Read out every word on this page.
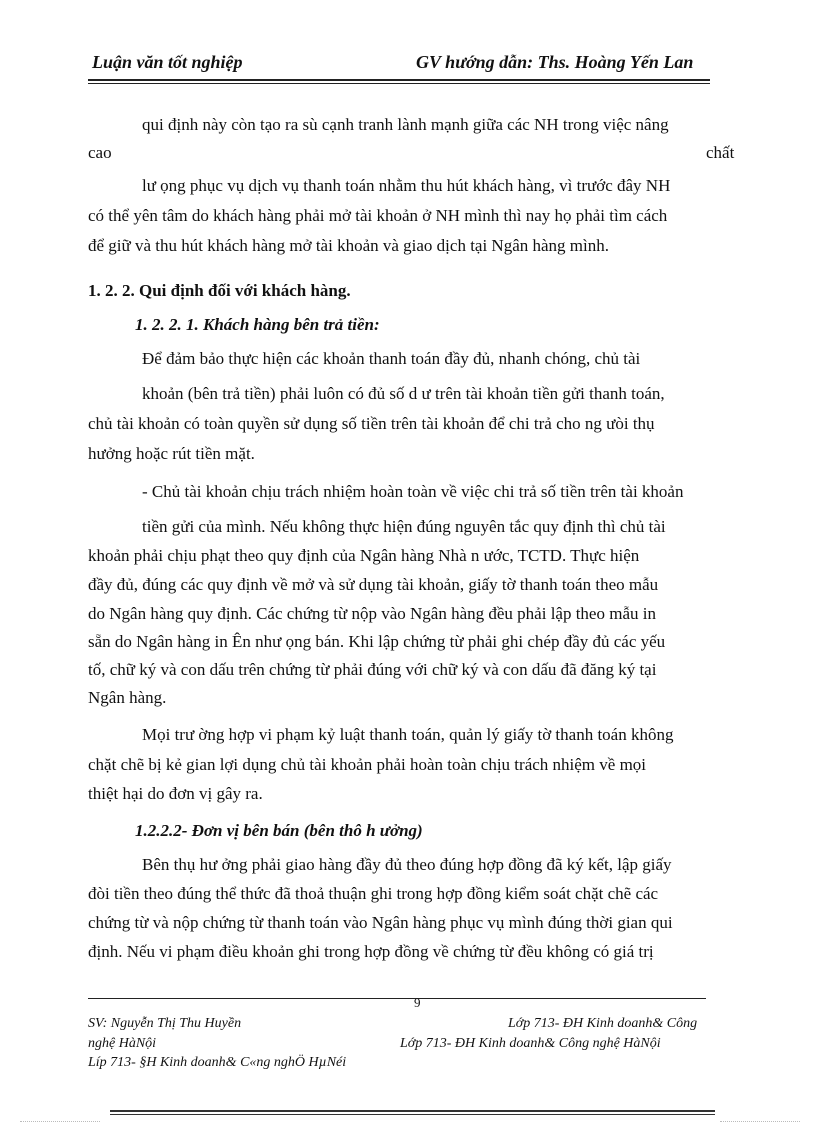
Luận văn tốt nghiệp	GV hướng dẫn: Ths. Hoàng Yến Lan
qui định này còn tạo ra sù cạnh tranh lành mạnh giữa các NH trong việc nâng
cao	chất
lư ọng phục vụ dịch vụ thanh toán nhằm thu hút khách hàng, vì trước đây NH
có thể yên tâm do khách hàng phải mở tài khoản ở NH mình thì nay họ phải tìm cách
để giữ và thu hút khách hàng mở tài khoản và giao dịch tại Ngân hàng mình.
1. 2. 2. Qui định đối với khách hàng.
1. 2. 2. 1. Khách hàng bên trả tiền:
Để đảm bảo thực hiện các khoản thanh toán đầy đủ, nhanh chóng, chủ tài
khoản (bên trả tiền) phải luôn có đủ số d ư trên tài khoản tiền gửi thanh toán,
chủ tài khoản có toàn quyền sử dụng số tiền trên tài khoản để chi trả cho ng ưòi thụ
hưởng hoặc rút tiền mặt.
- Chủ tài khoản chịu trách nhiệm hoàn toàn về việc chi trả số tiền trên tài khoản
tiền gửi của mình. Nếu không thực hiện đúng nguyên tắc quy định thì chủ tài
khoản phải chịu phạt theo quy định của Ngân hàng Nhà n ước, TCTD. Thực hiện
đầy đủ, đúng các quy định về mở và sử dụng tài khoản, giấy tờ thanh toán theo mẫu
do Ngân hàng quy định. Các chứng từ nộp vào Ngân hàng đều phải lập theo mẫu in
sẵn do Ngân hàng in Ên như ọng bán. Khi lập chứng từ phải ghi chép đầy đủ các yếu
tố, chữ ký và con dấu trên chứng từ phải đúng với chữ ký và con dấu đã đăng ký tại
Ngân hàng.
Mọi trư ờng hợp vi phạm kỷ luật thanh toán, quản lý giấy tờ thanh toán không
chặt chẽ bị kẻ gian lợi dụng chủ tài khoản phải hoàn toàn chịu trách nhiệm về mọi
thiệt hại do đơn vị gây ra.
1.2.2.2- Đơn vị bên bán (bên thô h ưởng)
Bên thụ hư ởng phải giao hàng đầy đủ theo đúng hợp đồng đã ký kết, lập giấy
đòi tiền theo đúng thể thức đã thoả thuận ghi trong hợp đồng kiểm soát chặt chẽ các
chứng từ và nộp chứng từ thanh toán vào Ngân hàng phục vụ mình đúng thời gian qui
định. Nếu vi phạm điều khoản ghi trong hợp đồng về chứng từ đều không có giá trị
9
SV: Nguyễn Thị Thu Huyền	Lớp 713- ĐH Kinh doanh& Công
nghệ HàNội	Lớp 713- ĐH Kinh doanh& Công nghệ HàNội
Líp 713- §H Kinh doanh& C«ng nghÖ HµNéi
